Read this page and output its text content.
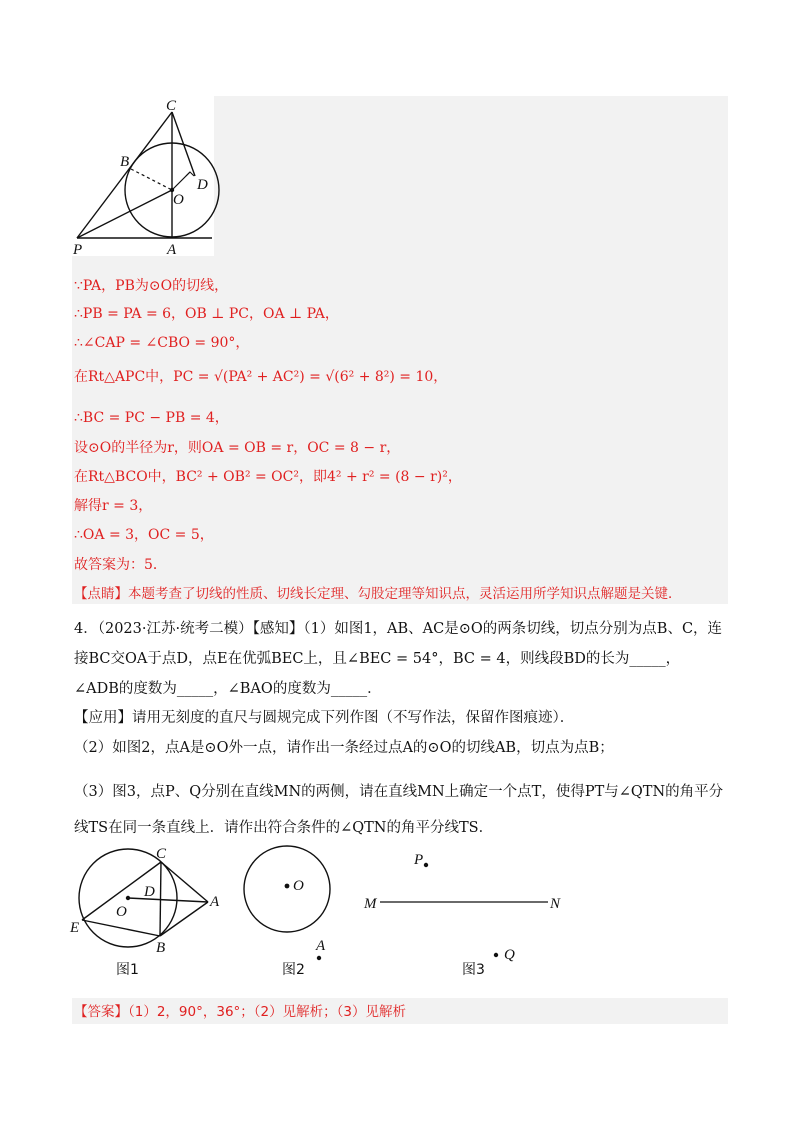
C
B
D
O
P	A
∵PA，PB为⊙O的切线，
∴PB = PA = 6，OB ⊥ PC，OA ⊥ PA，
∴∠CAP = ∠CBO = 90°，
在Rt△APC中，PC = √(PA² + AC²) = √(6² + 8²) = 10，
∴BC = PC − PB = 4，
设⊙O的半径为r，则OA = OB = r，OC = 8 − r，
在Rt△BCO中，BC² + OB² = OC²，即4² + r² = (8 − r)²，
解得r = 3，
∴OA = 3，OC = 5，
故答案为：5．
【点睛】本题考查了切线的性质、切线长定理、勾股定理等知识点，灵活运用所学知识点解题是关键．
4．（2023·江苏·统考二模）【感知】（1）如图1，AB、AC是⊙O的两条切线，切点分别为点B、C，连接BC交OA于点D，点E在优弧BEC上，且∠BEC = 54°，BC = 4，则线段BD的长为_____，∠ADB的度数为_____，∠BAO的度数为_____．
【应用】请用无刻度的直尺与圆规完成下列作图（不写作法，保留作图痕迹）．
（2）如图2，点A是⊙O外一点，请作出一条经过点A的⊙O的切线AB，切点为点B；
（3）图3，点P、Q分别在直线MN的两侧，请在直线MN上确定一个点T，使得PT与∠QTN的角平分线TS在同一条直线上．请作出符合条件的∠QTN的角平分线TS．
C
D
O
A
E
B
图1
O
A
图2
P
M	N
Q
图3
【答案】（1）2，90°，36°；（2）见解析；（3）见解析
